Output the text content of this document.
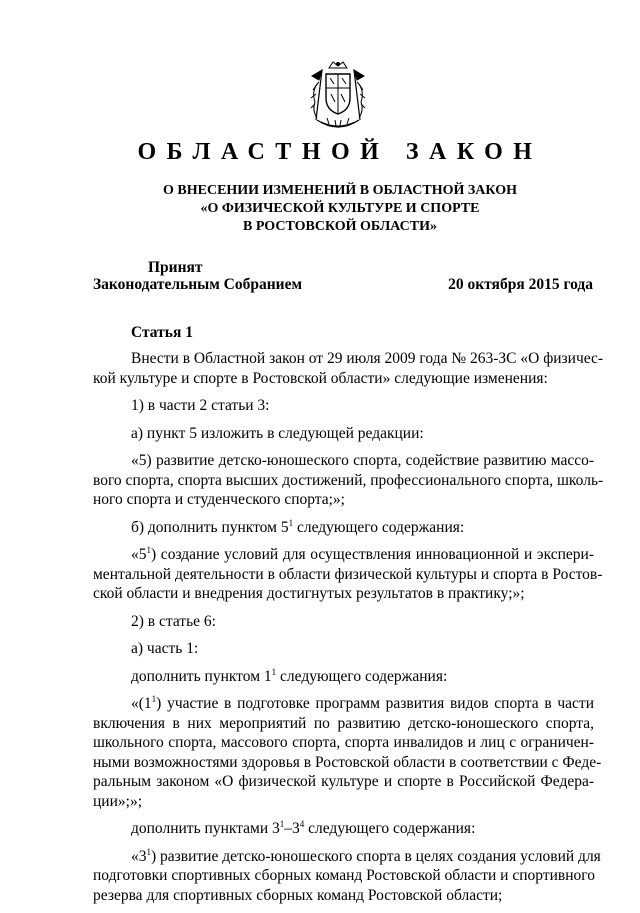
ОБЛАСТНОЙ ЗАКОН
О ВНЕСЕНИИ ИЗМЕНЕНИЙ В ОБЛАСТНОЙ ЗАКОН
«О ФИЗИЧЕСКОЙ КУЛЬТУРЕ И СПОРТЕ
В РОСТОВСКОЙ ОБЛАСТИ»
Принят
Законодательным Собранием	20 октября 2015 года
Статья 1
Внести в Областной закон от 29 июля 2009 года № 263-ЗС «О физичес-
кой культуре и спорте в Ростовской области» следующие изменения:
1) в части 2 статьи 3:
а) пункт 5 изложить в следующей редакции:
«5) развитие детско-юношеского спорта, содействие развитию массо-
вого спорта, спорта высших достижений, профессионального спорта, школь-
ного спорта и студенческого спорта;»;
б) дополнить пунктом $5^1$ следующего содержания:
«$5^1$) создание условий для осуществления инновационной и экспери-
ментальной деятельности в области физической культуры и спорта в Ростов-
ской области и внедрения достигнутых результатов в практику;»;
2) в статье 6:
а) часть 1:
дополнить пунктом $1^1$ следующего содержания:
«$(1^1)$ участие в подготовке программ развития видов спорта в части
включения в них мероприятий по развитию детско-юношеского спорта,
школьного спорта, массового спорта, спорта инвалидов и лиц с ограничен-
ными возможностями здоровья в Ростовской области в соответствии с Феде-
ральным законом «О физической культуре и спорте в Российской Федера-
ции»;»;
дополнить пунктами $3^1-3^4$ следующего содержания:
«$3^1$) развитие детско-юношеского спорта в целях создания условий для
подготовки спортивных сборных команд Ростовской области и спортивного
резерва для спортивных сборных команд Ростовской области;
